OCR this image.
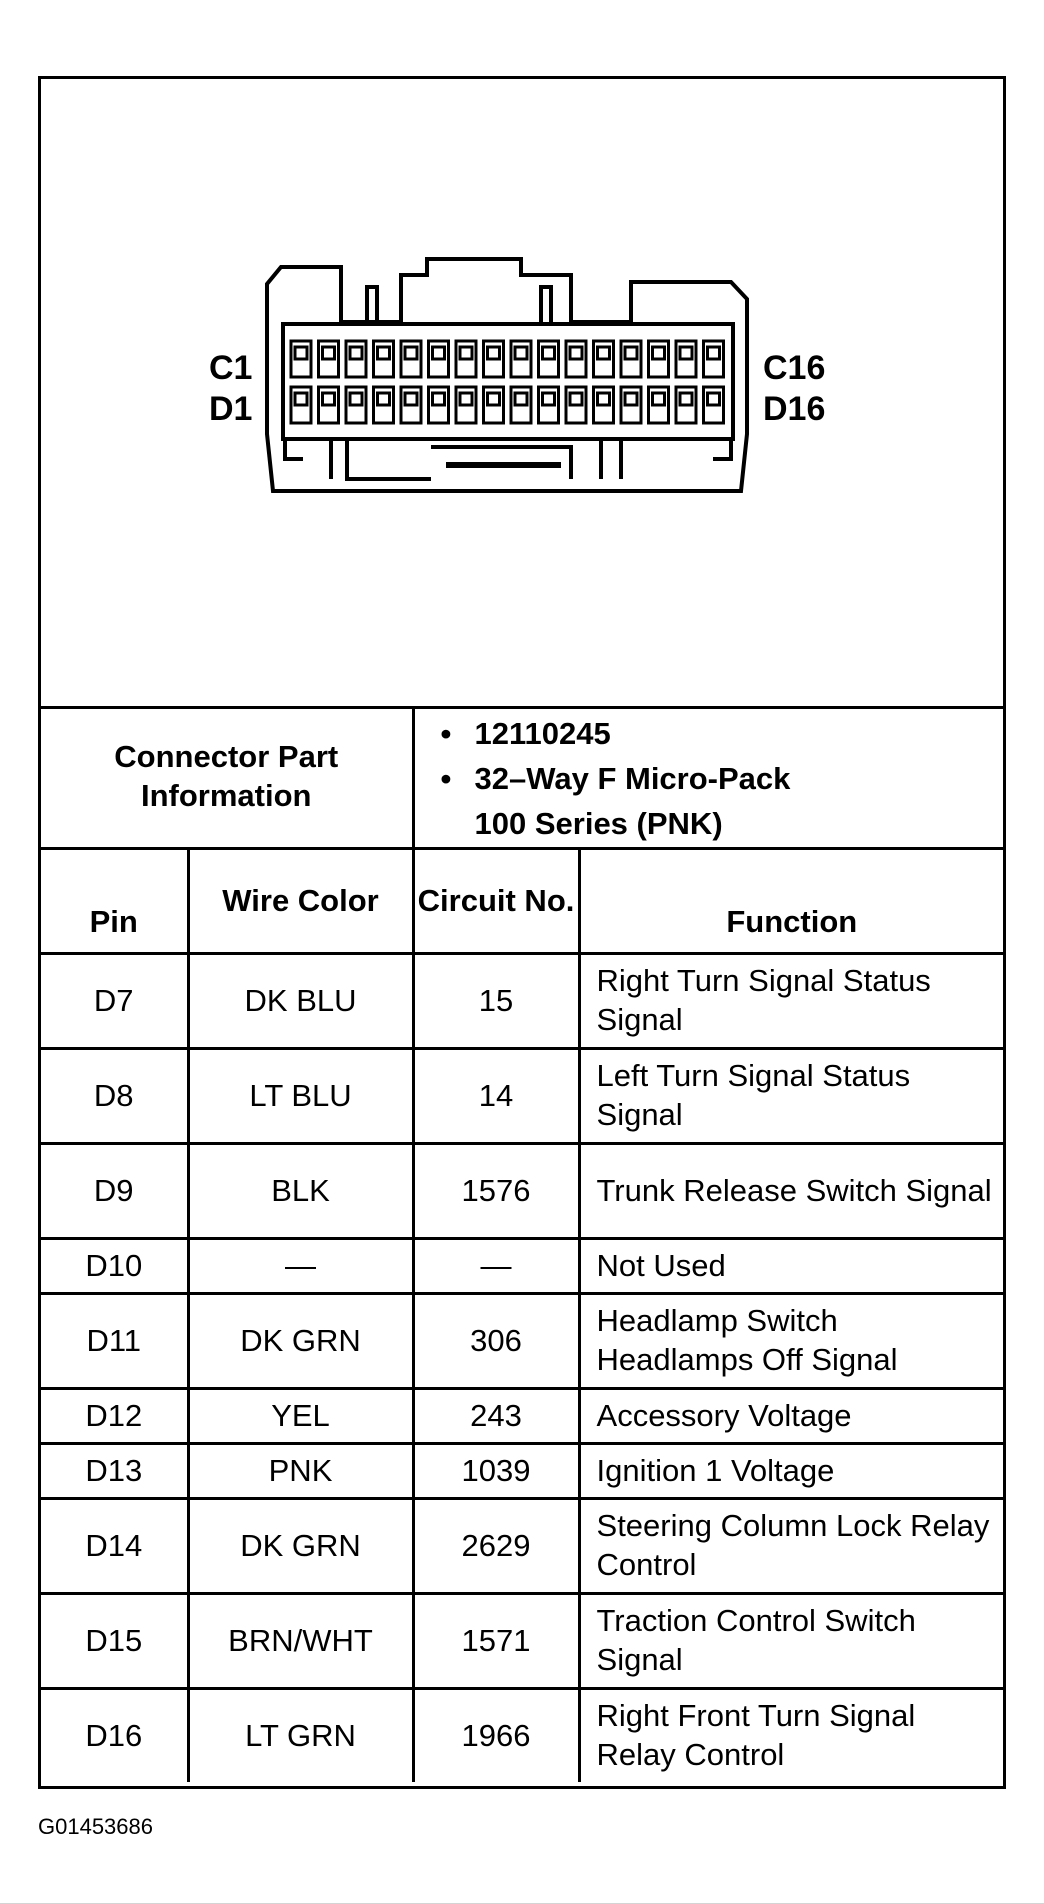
C1
D1
C16
D16
Connector Part Information		• 12110245
• 32–Way F Micro-Pack
100 Series (PNK)

Pin	Wire Color	Circuit No.	Function
D7	DK BLU	15	Right Turn Signal Status Signal
D8	LT BLU	14	Left Turn Signal Status Signal
D9	BLK	1576	Trunk Release Switch Signal
D10	—	—	Not Used
D11	DK GRN	306	Headlamp Switch Headlamps Off Signal
D12	YEL	243	Accessory Voltage
D13	PNK	1039	Ignition 1 Voltage
D14	DK GRN	2629	Steering Column Lock Relay Control
D15	BRN/WHT	1571	Traction Control Switch Signal
D16	LT GRN	1966	Right Front Turn Signal Relay Control
G01453686
